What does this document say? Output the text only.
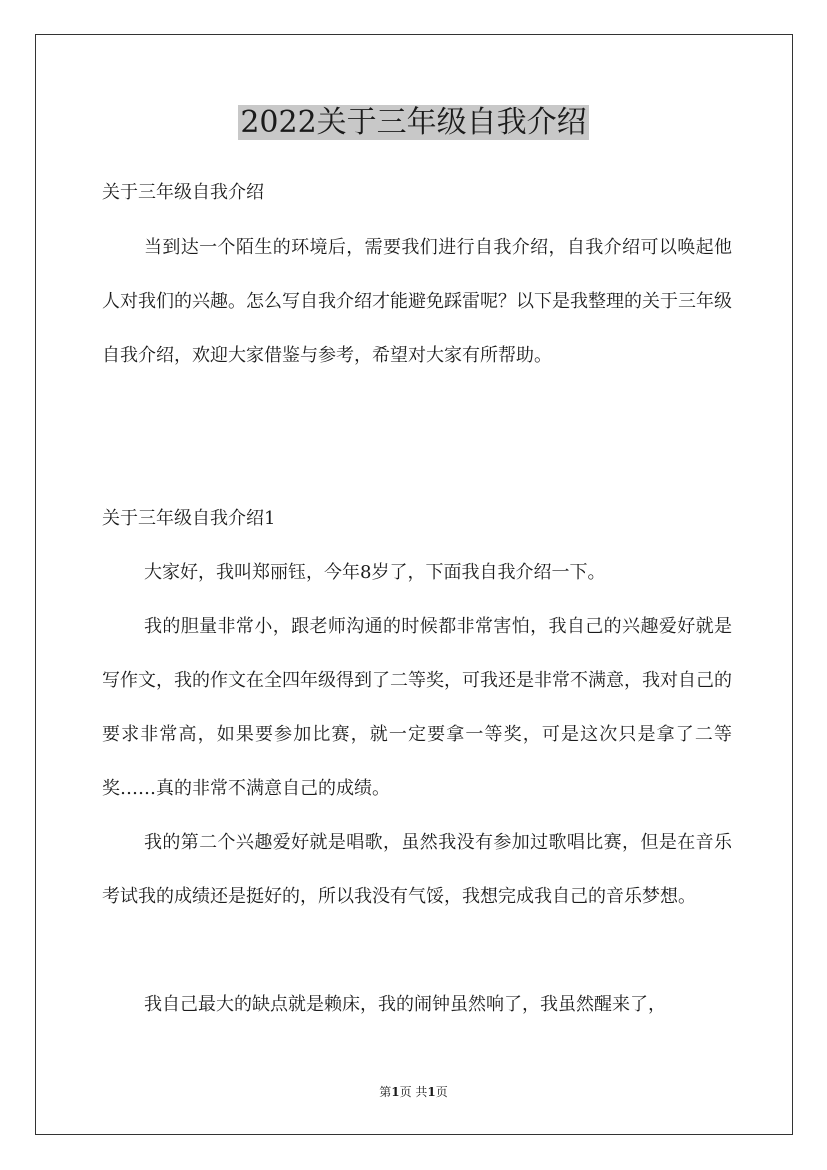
2022关于三年级自我介绍

关于三年级自我介绍

当到达一个陌生的环境后，需要我们进行自我介绍，自我介绍可以唤起他人对我们的兴趣。怎么写自我介绍才能避免踩雷呢？以下是我整理的关于三年级自我介绍，欢迎大家借鉴与参考，希望对大家有所帮助。

关于三年级自我介绍1

大家好，我叫郑丽钰，今年8岁了，下面我自我介绍一下。

我的胆量非常小，跟老师沟通的时候都非常害怕，我自己的兴趣爱好就是写作文，我的作文在全四年级得到了二等奖，可我还是非常不满意，我对自己的要求非常高，如果要参加比赛，就一定要拿一等奖，可是这次只是拿了二等奖……真的非常不满意自己的成绩。

我的第二个兴趣爱好就是唱歌，虽然我没有参加过歌唱比赛，但是在音乐考试我的成绩还是挺好的，所以我没有气馁，我想完成我自己的音乐梦想。

我自己最大的缺点就是赖床，我的闹钟虽然响了，我虽然醒来了，

第1页 共1页
